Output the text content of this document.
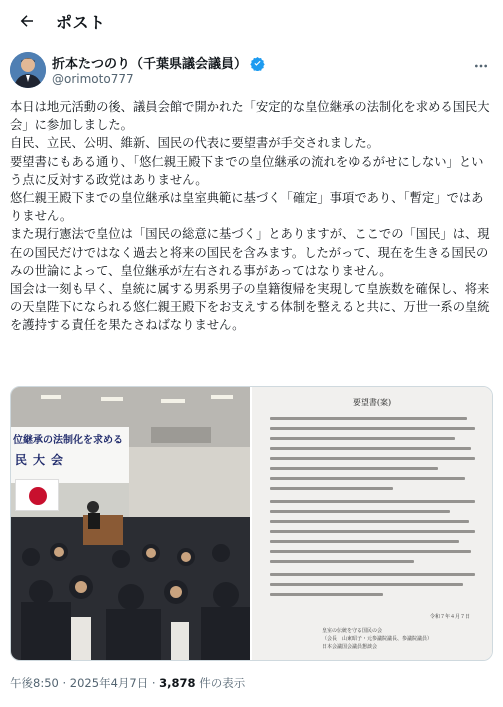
ポスト
折本たつのり（千葉県議会議員）
@orimoto777
本日は地元活動の後、議員会館で開かれた「安定的な皇位継承の法制化を求める国民大会」に参加しました。
自民、立民、公明、維新、国民の代表に要望書が手交されました。
要望書にもある通り、「悠仁親王殿下までの皇位継承の流れをゆるがせにしない」という点に反対する政党はありません。
悠仁親王殿下までの皇位継承は皇室典範に基づく「確定」事項であり、「暫定」ではありません。
また現行憲法で皇位は「国民の総意に基づく」とありますが、ここでの「国民」は、現在の国民だけではなく過去と将来の国民を含みます。したがって、現在を生きる国民のみの世論によって、皇位継承が左右される事があってはなりません。
国会は一刻も早く、皇統に属する男系男子の皇籍復帰を実現して皇族数を確保し、将来の天皇陛下になられる悠仁親王殿下をお支えする体制を整えると共に、万世一系の皇統を護持する責任を果たさねばなりません。
位継承の法制化を求める
民大会
要望書(案)
令和７年４月７日
皇室の伝統を守る国民の会
（会長　山東昭子・元参議院議長、参議院議員）
日本会議国会議員懇談会
午後8:50 · 2025年4月7日 · 3,878 件の表示
